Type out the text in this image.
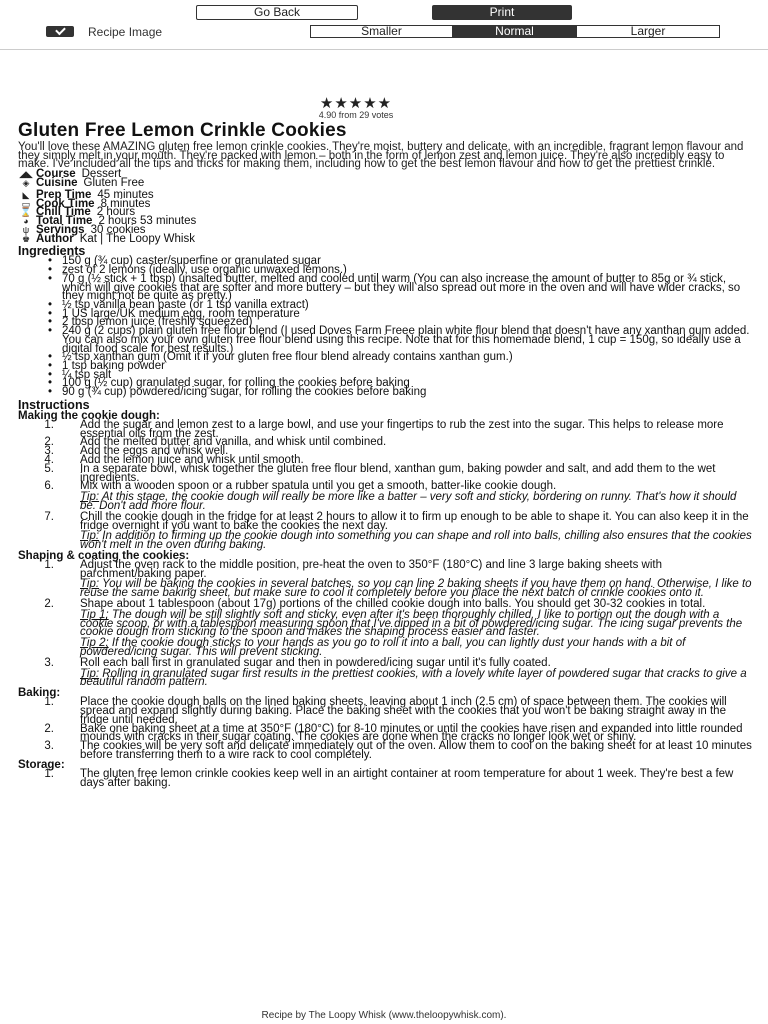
Go Back	Print
Recipe Image	Smaller	Normal	Larger
★★★★★
4.90 from 29 votes
Gluten Free Lemon Crinkle Cookies

You'll love these AMAZING gluten free lemon crinkle cookies. They're moist, buttery and delicate, with an incredible, fragrant lemon flavour and they simply melt in your mouth. They're packed with lemon – both in the form of lemon zest and lemon juice. They're also incredibly easy to make. I've included all the tips and tricks for making them, including how to get the best lemon flavour and how to get the prettiest crinkle.

◢◣ Course Dessert
◈ Cuisine Gluten Free
◣ Prep Time 45 minutes
▭ Cook Time 8 minutes
⌛ Chill Time 2 hours
◕ Total Time 2 hours 53 minutes
ψ Servings 30 cookies
♚ Author Kat | The Loopy Whisk
Ingredients
• 150 g (¾ cup) caster/superfine or granulated sugar
• zest of 2 lemons (ideally, use organic unwaxed lemons.)
• 70 g (½ stick + 1 tbsp) unsalted butter, melted and cooled until warm (You can also increase the amount of butter to 85g or ¾ stick, which will give cookies that are softer and more buttery – but they will also spread out more in the oven and will have wider cracks, so they might not be quite as pretty.)
• ½ tsp vanilla bean paste (or 1 tsp vanilla extract)
• 1 US large/UK medium egg, room temperature
• 2 tbsp lemon juice (freshly squeezed)
• 240 g (2 cups) plain gluten free flour blend (I used Doves Farm Freee plain white flour blend that doesn't have any xanthan gum added. You can also mix your own gluten free flour blend using this recipe. Note that for this homemade blend, 1 cup = 150g, so ideally use a digital food scale for best results.)
• ½ tsp xanthan gum (Omit it if your gluten free flour blend already contains xanthan gum.)
• 1 tsp baking powder
• ¼ tsp salt
• 100 g (½ cup) granulated sugar, for rolling the cookies before baking
• 90 g (¾ cup) powdered/icing sugar, for rolling the cookies before baking
Instructions
Making the cookie dough:
1. Add the sugar and lemon zest to a large bowl, and use your fingertips to rub the zest into the sugar. This helps to release more essential oils from the zest.
2. Add the melted butter and vanilla, and whisk until combined.
3. Add the eggs and whisk well.
4. Add the lemon juice and whisk until smooth.
5. In a separate bowl, whisk together the gluten free flour blend, xanthan gum, baking powder and salt, and add them to the wet ingredients.
6. Mix with a wooden spoon or a rubber spatula until you get a smooth, batter-like cookie dough.
Tip: At this stage, the cookie dough will really be more like a batter – very soft and sticky, bordering on runny. That's how it should be. Don't add more flour.
7. Chill the cookie dough in the fridge for at least 2 hours to allow it to firm up enough to be able to shape it. You can also keep it in the fridge overnight if you want to bake the cookies the next day.
Tip: In addition to firming up the cookie dough into something you can shape and roll into balls, chilling also ensures that the cookies won't melt in the oven during baking.
Shaping & coating the cookies:
1. Adjust the oven rack to the middle position, pre-heat the oven to 350°F (180°C) and line 3 large baking sheets with parchment/baking paper.
Tip: You will be baking the cookies in several batches, so you can line 2 baking sheets if you have them on hand. Otherwise, I like to reuse the same baking sheet, but make sure to cool it completely before you place the next batch of crinkle cookies onto it.
2. Shape about 1 tablespoon (about 17g) portions of the chilled cookie dough into balls. You should get 30-32 cookies in total.
Tip 1: The dough will be still slightly soft and sticky, even after it's been thoroughly chilled. I like to portion out the dough with a cookie scoop, or with a tablespoon measuring spoon that I've dipped in a bit of powdered/icing sugar. The icing sugar prevents the cookie dough from sticking to the spoon and makes the shaping process easier and faster.
Tip 2: If the cookie dough sticks to your hands as you go to roll it into a ball, you can lightly dust your hands with a bit of powdered/icing sugar. This will prevent sticking.
3. Roll each ball first in granulated sugar and then in powdered/icing sugar until it's fully coated.
Tip: Rolling in granulated sugar first results in the prettiest cookies, with a lovely white layer of powdered sugar that cracks to give a beautiful random pattern.
Baking:
1. Place the cookie dough balls on the lined baking sheets, leaving about 1 inch (2.5 cm) of space between them. The cookies will spread and expand slightly during baking. Place the baking sheet with the cookies that you won't be baking straight away in the fridge until needed.
2. Bake one baking sheet at a time at 350°F (180°C) for 8-10 minutes or until the cookies have risen and expanded into little rounded mounds with cracks in their sugar coating. The cookies are done when the cracks no longer look wet or shiny.
3. The cookies will be very soft and delicate immediately out of the oven. Allow them to cool on the baking sheet for at least 10 minutes before transferring them to a wire rack to cool completely.
Storage:
1. The gluten free lemon crinkle cookies keep well in an airtight container at room temperature for about 1 week. They're best a few days after baking.
Recipe by The Loopy Whisk (www.theloopywhisk.com).
